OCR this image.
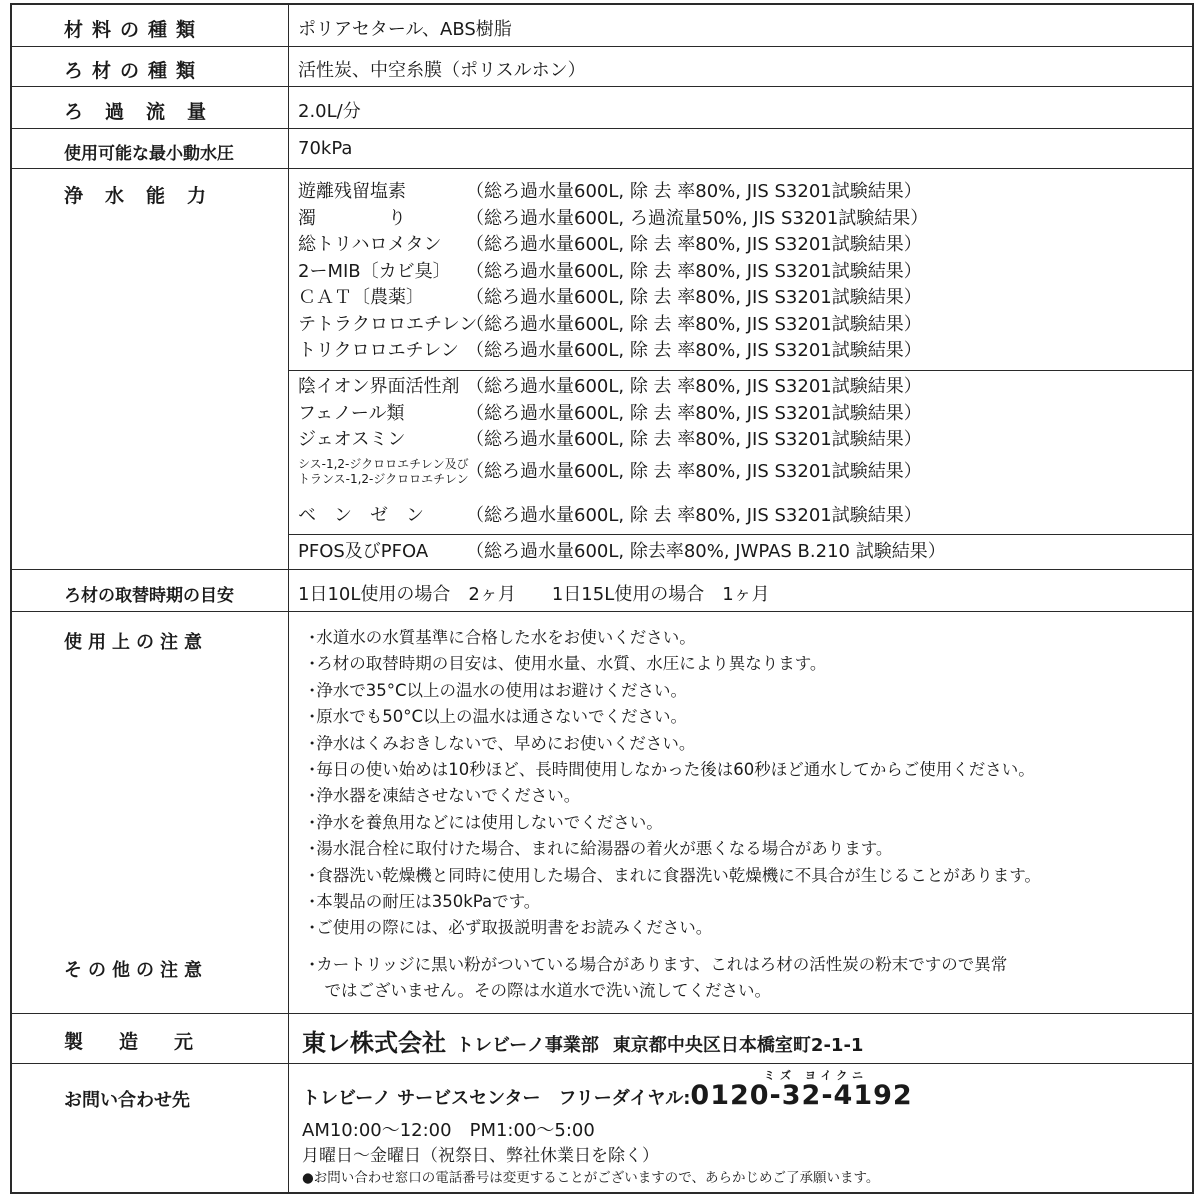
材料の種類	ポリアセタール、ABS樹脂
ろ材の種類	活性炭、中空糸膜（ポリスルホン）
ろ過流量	2.0L/分
使用可能な最小動水圧	70kPa
浄水能力	遊離残留塩素	（総ろ過水量600L, 除 去 率80%, JIS S3201試験結果）
濁　　　　り	（総ろ過水量600L, ろ過流量50%, JIS S3201試験結果）
総トリハロメタン （総ろ過水量600L, 除 去 率80%, JIS S3201試験結果）
2ーMIB〔カビ臭〕 （総ろ過水量600L, 除 去 率80%, JIS S3201試験結果）
ＣＡＴ〔農薬〕 （総ろ過水量600L, 除 去 率80%, JIS S3201試験結果）
テトラクロロエチレン（総ろ過水量600L, 除 去 率80%, JIS S3201試験結果）
トリクロロエチレン （総ろ過水量600L, 除 去 率80%, JIS S3201試験結果）
陰イオン界面活性剤 （総ろ過水量600L, 除 去 率80%, JIS S3201試験結果）
フェノール類	（総ろ過水量600L, 除 去 率80%, JIS S3201試験結果）
ジェオスミン	（総ろ過水量600L, 除 去 率80%, JIS S3201試験結果）
シス-1,2-ジクロロエチレン及び
トランス-1,2-ジクロロエチレン（総ろ過水量600L, 除 去 率80%, JIS S3201試験結果）
ベ　ン　ゼ　ン （総ろ過水量600L, 除 去 率80%, JIS S3201試験結果）
PFOS及びPFOA （総ろ過水量600L, 除去率80%, JWPAS B.210 試験結果）
ろ材の取替時期の目安	1日10L使用の場合　2ヶ月　　1日15L使用の場合　1ヶ月
使用上の注意	･水道水の水質基準に合格した水をお使いください。
･ろ材の取替時期の目安は、使用水量、水質、水圧により異なります。
･浄水で35°C以上の温水の使用はお避けください。
･原水でも50°C以上の温水は通さないでください。
･浄水はくみおきしないで、早めにお使いください。
･毎日の使い始めは10秒ほど、長時間使用しなかった後は60秒ほど通水してからご使用ください。
･浄水器を凍結させないでください。
･浄水を養魚用などには使用しないでください。
･湯水混合栓に取付けた場合、まれに給湯器の着火が悪くなる場合があります。
･食器洗い乾燥機と同時に使用した場合、まれに食器洗い乾燥機に不具合が生じることがあります。
･本製品の耐圧は350kPaです。
･ご使用の際には、必ず取扱説明書をお読みください。
その他の注意	･カートリッジに黒い粉がついている場合があります、これはろ材の活性炭の粉末ですので異常
　ではございません。その際は水道水で洗い流してください。
製造元	東レ株式会社 トレビーノ事業部 東京都中央区日本橋室町2-1-1
お問い合わせ先
ミズ ヨイクニ
トレビーノ サービスセンター　フリーダイヤル:0120-32-4192
AM10:00〜12:00　PM1:00〜5:00
月曜日〜金曜日（祝祭日、弊社休業日を除く）
●お問い合わせ窓口の電話番号は変更することがございますので、あらかじめご了承願います。
